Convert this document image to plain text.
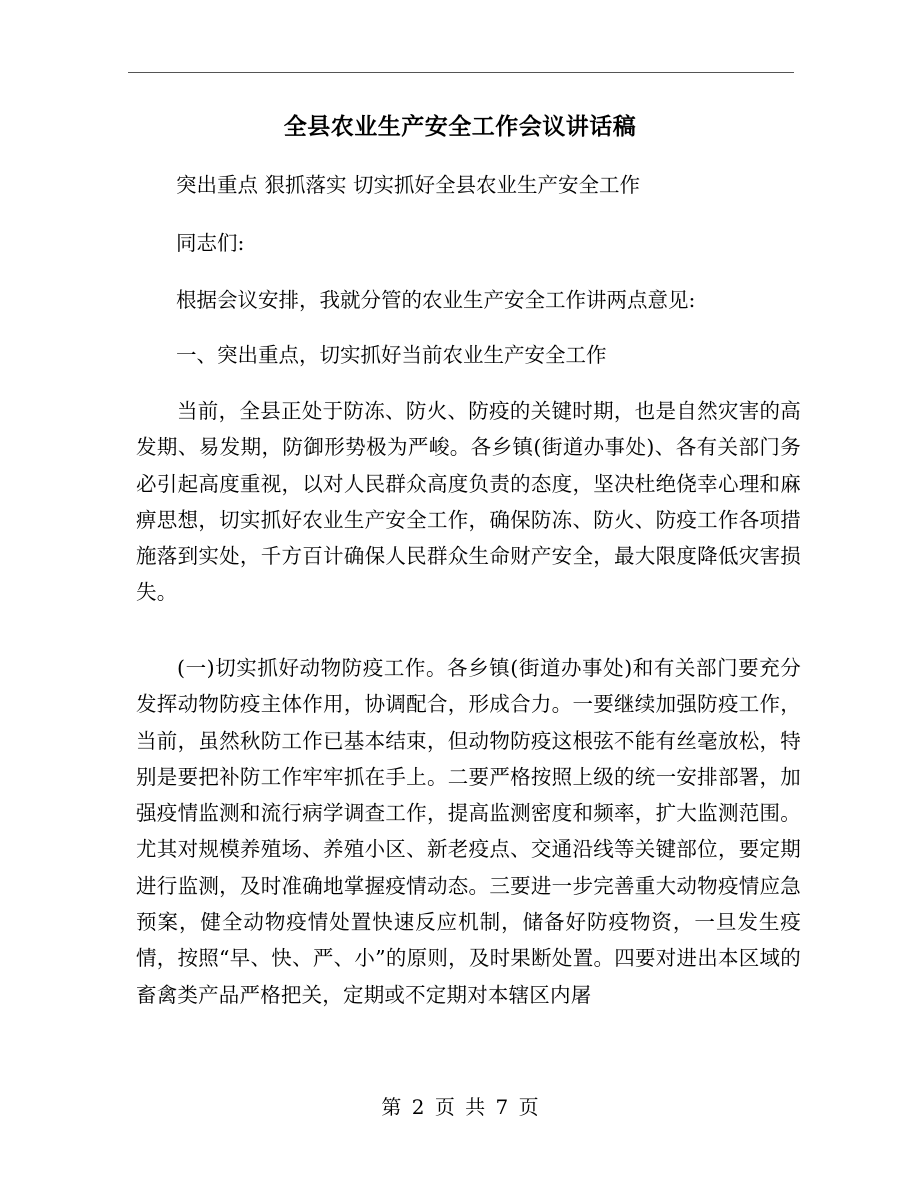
全县农业生产安全工作会议讲话稿
突出重点 狠抓落实 切实抓好全县农业生产安全工作
同志们:
根据会议安排，我就分管的农业生产安全工作讲两点意见:
一、突出重点，切实抓好当前农业生产安全工作
当前，全县正处于防冻、防火、防疫的关键时期，也是自然灾害的高发期、易发期，防御形势极为严峻。各乡镇(街道办事处)、各有关部门务必引起高度重视，以对人民群众高度负责的态度，坚决杜绝侥幸心理和麻痹思想，切实抓好农业生产安全工作，确保防冻、防火、防疫工作各项措施落到实处，千方百计确保人民群众生命财产安全，最大限度降低灾害损失。
(一)切实抓好动物防疫工作。各乡镇(街道办事处)和有关部门要充分发挥动物防疫主体作用，协调配合，形成合力。一要继续加强防疫工作，当前，虽然秋防工作已基本结束，但动物防疫这根弦不能有丝毫放松，特别是要把补防工作牢牢抓在手上。二要严格按照上级的统一安排部署，加强疫情监测和流行病学调查工作，提高监测密度和频率，扩大监测范围。尤其对规模养殖场、养殖小区、新老疫点、交通沿线等关键部位，要定期进行监测，及时准确地掌握疫情动态。三要进一步完善重大动物疫情应急预案，健全动物疫情处置快速反应机制，储备好防疫物资，一旦发生疫情，按照“早、快、严、小”的原则，及时果断处置。四要对进出本区域的畜禽类产品严格把关，定期或不定期对本辖区内屠
第 2 页 共 7 页
